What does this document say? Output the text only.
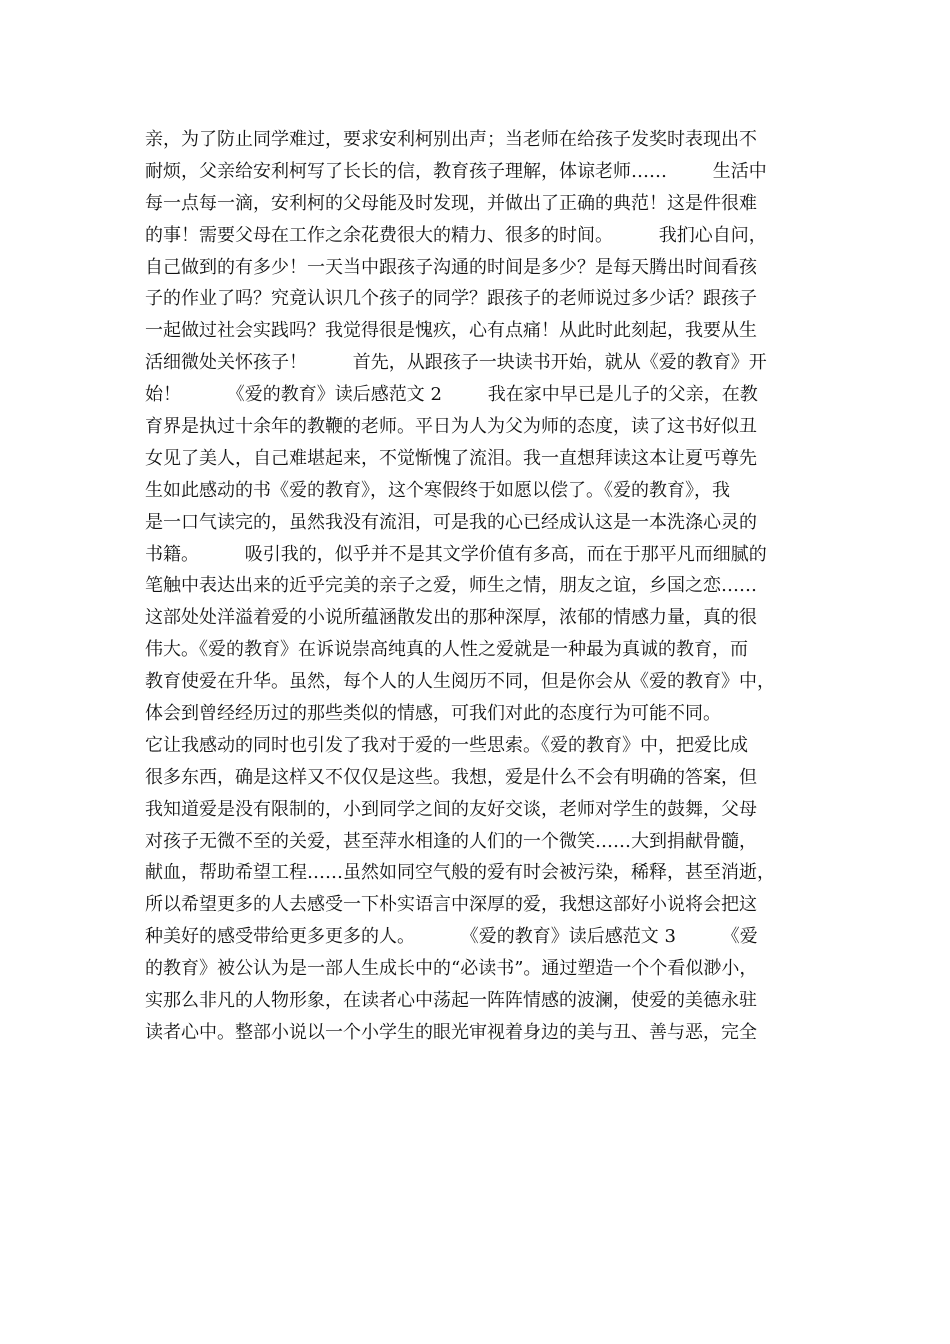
亲，为了防止同学难过，要求安利柯别出声；当老师在给孩子发奖时表现出不
耐烦，父亲给安利柯写了长长的信，教育孩子理解，体谅老师……        生活中
每一点每一滴，安利柯的父母能及时发现，并做出了正确的典范！这是件很难
的事！需要父母在工作之余花费很大的精力、很多的时间。        我扪心自问，
自己做到的有多少！一天当中跟孩子沟通的时间是多少？是每天腾出时间看孩
子的作业了吗？究竟认识几个孩子的同学？跟孩子的老师说过多少话？跟孩子
一起做过社会实践吗？我觉得很是愧疚，心有点痛！从此时此刻起，我要从生
活细微处关怀孩子！        首先，从跟孩子一块读书开始，就从《爱的教育》开
始！        《爱的教育》读后感范文 2        我在家中早已是儿子的父亲，在教
育界是执过十余年的教鞭的老师。平日为人为父为师的态度，读了这书好似丑
女见了美人，自己难堪起来，不觉惭愧了流泪。我一直想拜读这本让夏丐尊先
生如此感动的书《爱的教育》，这个寒假终于如愿以偿了。《爱的教育》，我
是一口气读完的，虽然我没有流泪，可是我的心已经成认这是一本洗涤心灵的
书籍。        吸引我的，似乎并不是其文学价值有多高，而在于那平凡而细腻的
笔触中表达出来的近乎完美的亲子之爱，师生之情，朋友之谊，乡国之恋……
这部处处洋溢着爱的小说所蕴涵散发出的那种深厚，浓郁的情感力量，真的很
伟大。《爱的教育》在诉说崇高纯真的人性之爱就是一种最为真诚的教育，而
教育使爱在升华。虽然，每个人的人生阅历不同，但是你会从《爱的教育》中，
体会到曾经经历过的那些类似的情感，可我们对此的态度行为可能不同。
它让我感动的同时也引发了我对于爱的一些思索。《爱的教育》中，把爱比成
很多东西，确是这样又不仅仅是这些。我想，爱是什么不会有明确的答案，但
我知道爱是没有限制的，小到同学之间的友好交谈，老师对学生的鼓舞，父母
对孩子无微不至的关爱，甚至萍水相逢的人们的一个微笑……大到捐献骨髓，
献血，帮助希望工程……虽然如同空气般的爱有时会被污染，稀释，甚至消逝，
所以希望更多的人去感受一下朴实语言中深厚的爱，我想这部好小说将会把这
种美好的感受带给更多更多的人。        《爱的教育》读后感范文 3        《爱
的教育》被公认为是一部人生成长中的“必读书”。通过塑造一个个看似渺小，
实那么非凡的人物形象，在读者心中荡起一阵阵情感的波澜，使爱的美德永驻
读者心中。整部小说以一个小学生的眼光审视着身边的美与丑、善与恶，完全
